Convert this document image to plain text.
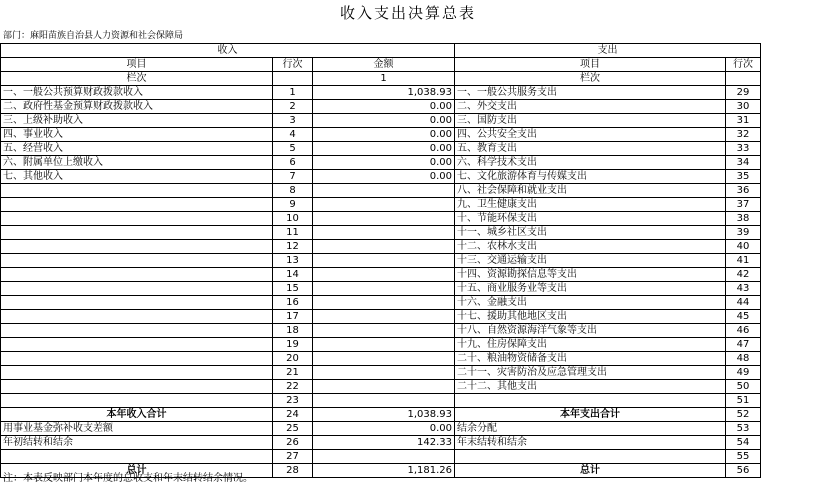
收入支出决算总表
部门：麻阳苗族自治县人力资源和社会保障局
收入			支出		
项目	行次	金额	项目	行次	
栏次		1	栏次		
一、一般公共预算财政拨款收入	1	1,038.93	一、一般公共服务支出	29	
二、政府性基金预算财政拨款收入	2	0.00	二、外交支出	30	
三、上级补助收入	3	0.00	三、国防支出	31	
四、事业收入	4	0.00	四、公共安全支出	32	
五、经营收入	5	0.00	五、教育支出	33	
六、附属单位上缴收入	6	0.00	六、科学技术支出	34	
七、其他收入	7	0.00	七、文化旅游体育与传媒支出	35	
	8		八、社会保障和就业支出	36	
	9		九、卫生健康支出	37	
	10		十、节能环保支出	38	
	11		十一、城乡社区支出	39	
	12		十二、农林水支出	40	
	13		十三、交通运输支出	41	
	14		十四、资源勘探信息等支出	42	
	15		十五、商业服务业等支出	43	
	16		十六、金融支出	44	
	17		十七、援助其他地区支出	45	
	18		十八、自然资源海洋气象等支出	46	
	19		十九、住房保障支出	47	
	20		二十、粮油物资储备支出	48	
	21		二十一、灾害防治及应急管理支出	49	
	22		二十二、其他支出	50	
	23			51	
本年收入合计	24	1,038.93	本年支出合计	52	
用事业基金弥补收支差额	25	0.00	结余分配	53	
年初结转和结余	26	142.33	年末结转和结余	54	
	27			55	
总计	28	1,181.26	总计	56	
注：本表反映部门本年度的总收支和年末结转结余情况。
